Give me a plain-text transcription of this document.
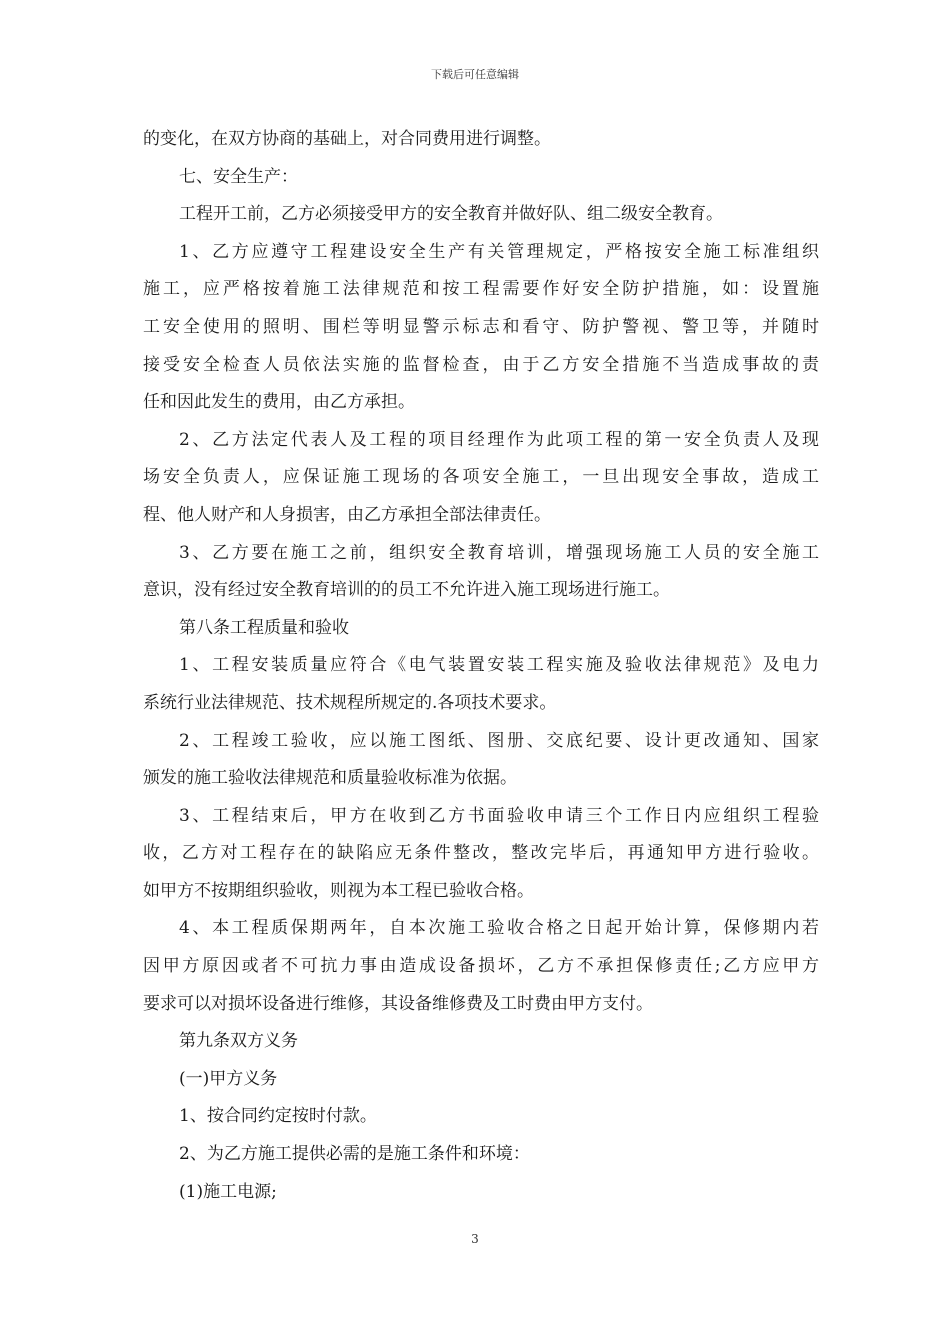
下载后可任意编辑
的变化，在双方协商的基础上，对合同费用进行调整。
七、安全生产：
工程开工前，乙方必须接受甲方的安全教育并做好队、组二级安全教育。
1、乙方应遵守工程建设安全生产有关管理规定，严格按安全施工标准组织
施工，应严格按着施工法律规范和按工程需要作好安全防护措施，如：设置施
工安全使用的照明、围栏等明显警示标志和看守、防护警视、警卫等，并随时
接受安全检查人员依法实施的监督检查，由于乙方安全措施不当造成事故的责
任和因此发生的费用，由乙方承担。
2、乙方法定代表人及工程的项目经理作为此项工程的第一安全负责人及现
场安全负责人，应保证施工现场的各项安全施工，一旦出现安全事故，造成工
程、他人财产和人身损害，由乙方承担全部法律责任。
3、乙方要在施工之前，组织安全教育培训，增强现场施工人员的安全施工
意识，没有经过安全教育培训的的员工不允许进入施工现场进行施工。
第八条工程质量和验收
1、工程安装质量应符合《电气装置安装工程实施及验收法律规范》及电力
系统行业法律规范、技术规程所规定的.各项技术要求。
2、工程竣工验收，应以施工图纸、图册、交底纪要、设计更改通知、国家
颁发的施工验收法律规范和质量验收标准为依据。
3、工程结束后，甲方在收到乙方书面验收申请三个工作日内应组织工程验
收，乙方对工程存在的缺陷应无条件整改，整改完毕后，再通知甲方进行验收。
如甲方不按期组织验收，则视为本工程已验收合格。
4、本工程质保期两年，自本次施工验收合格之日起开始计算，保修期内若
因甲方原因或者不可抗力事由造成设备损坏，乙方不承担保修责任;乙方应甲方
要求可以对损坏设备进行维修，其设备维修费及工时费由甲方支付。
第九条双方义务
(一)甲方义务
1、按合同约定按时付款。
2、为乙方施工提供必需的是施工条件和环境：
(1)施工电源;
3
